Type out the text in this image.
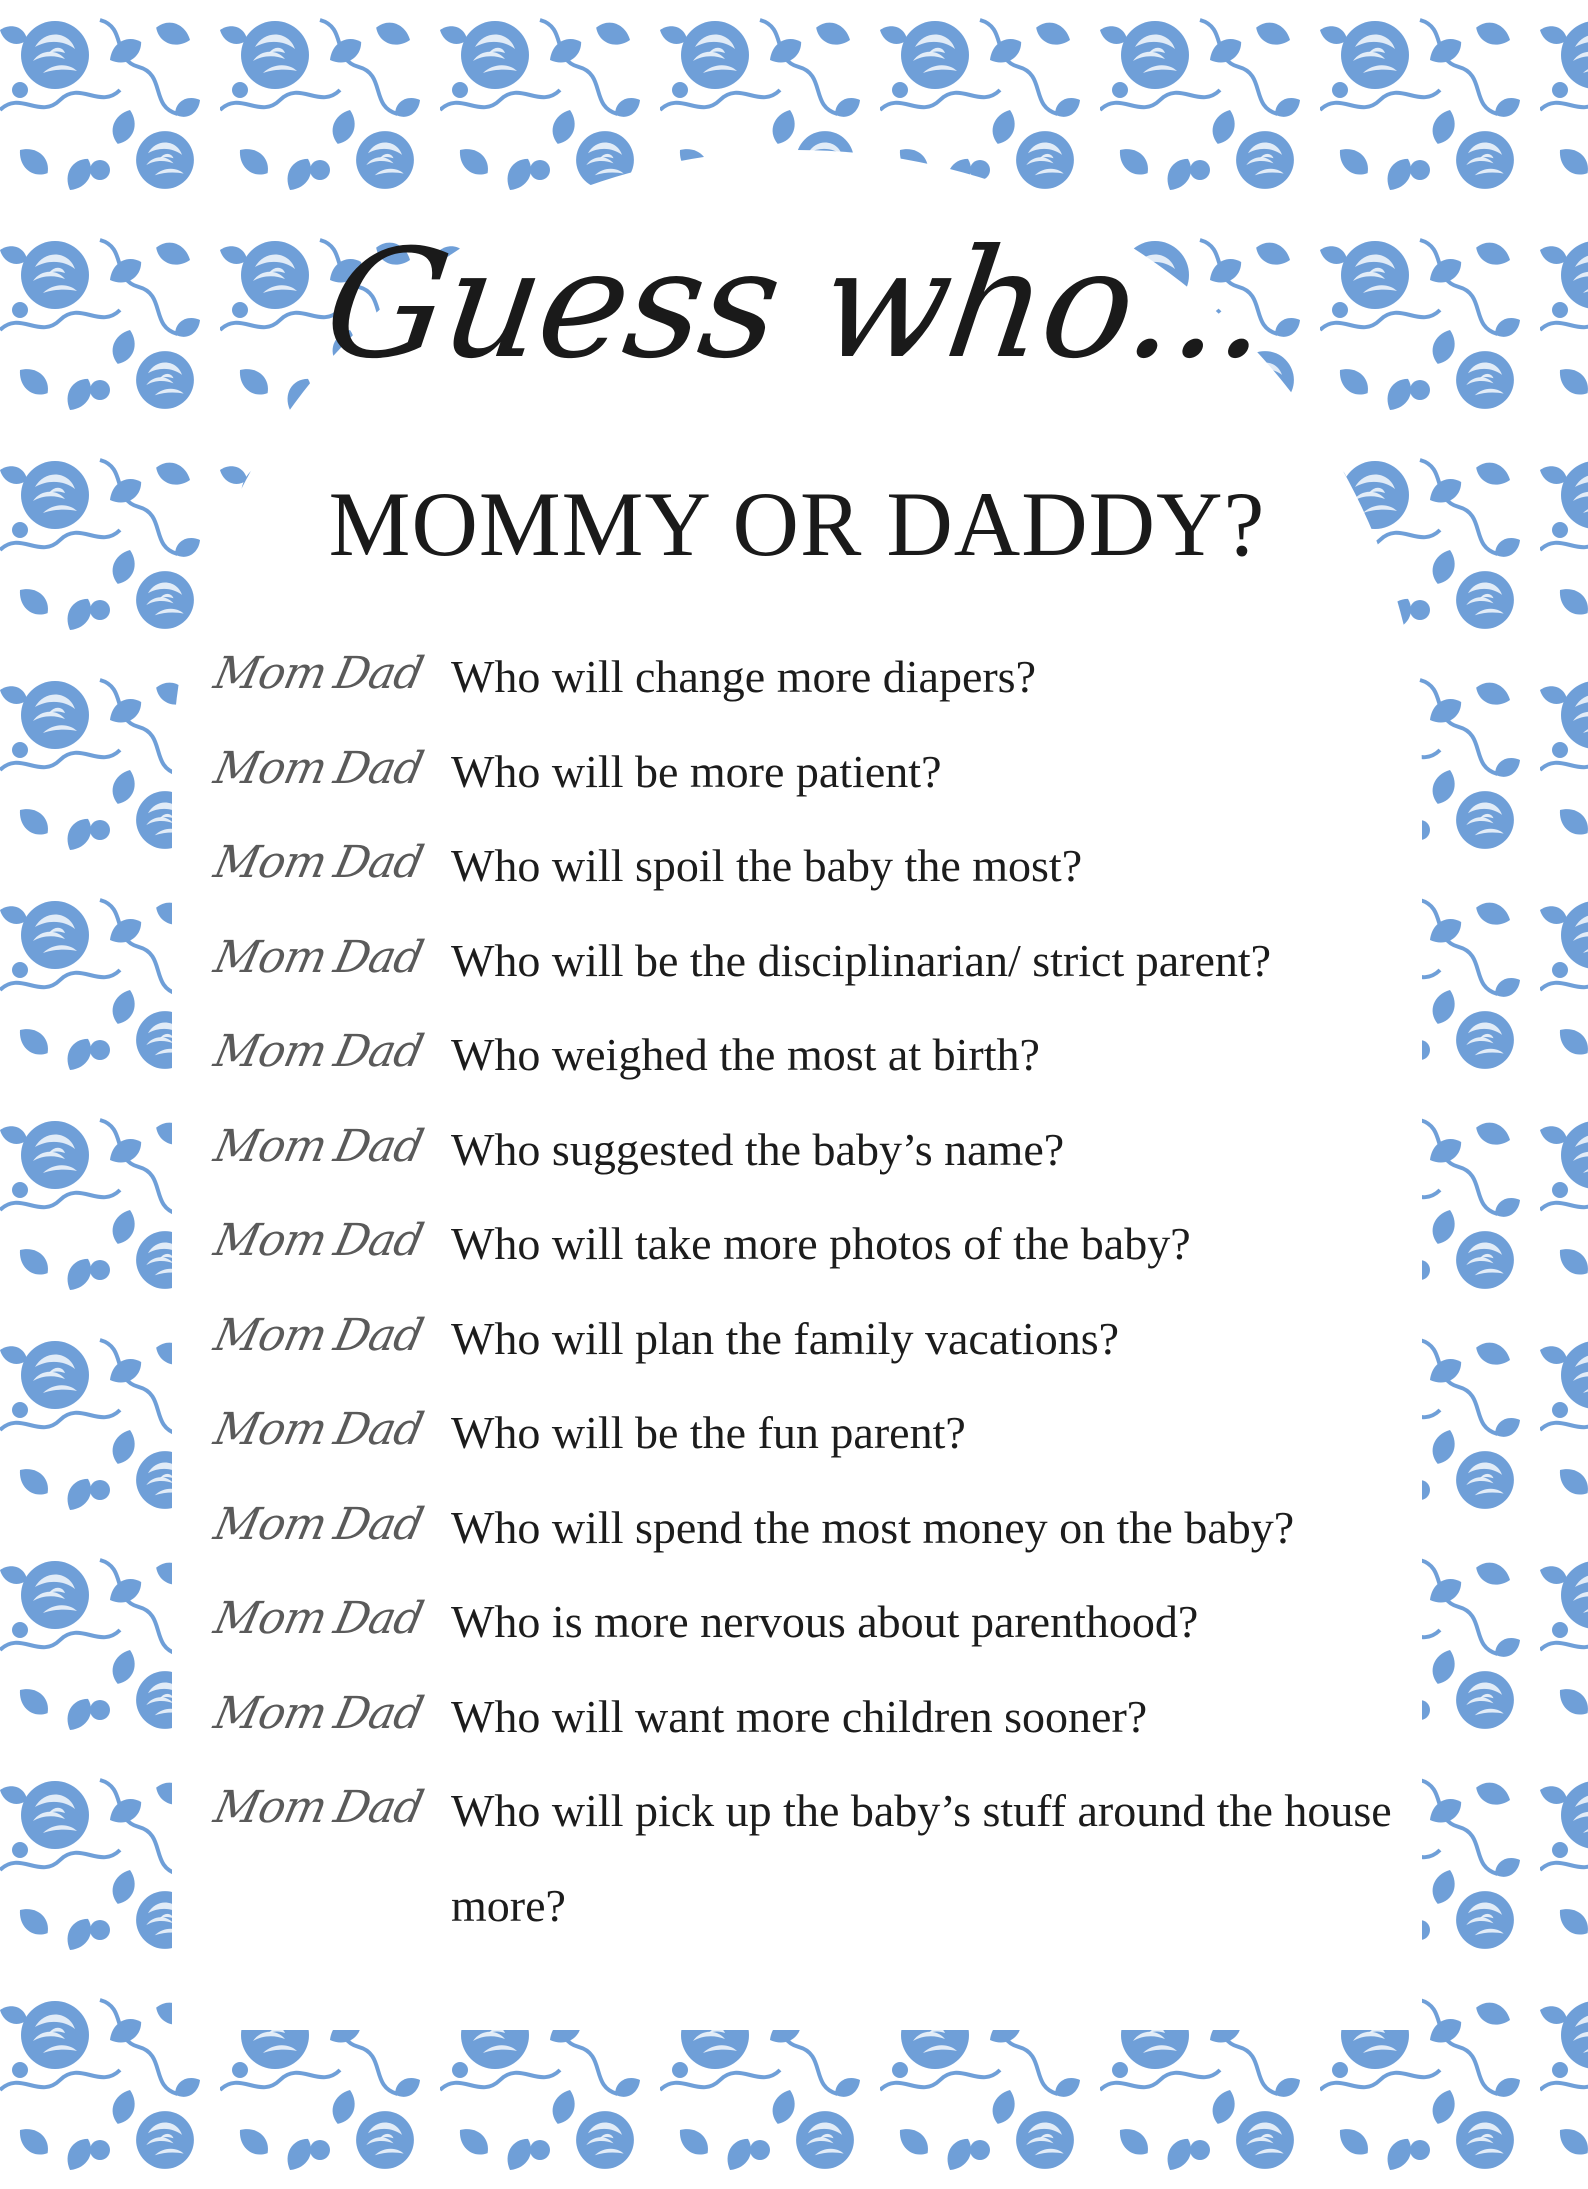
Guess who...
MOMMY OR DADDY?
Mom
Dad Who will change more diapers?
Mom
Dad Who will be more patient?
Mom
Dad Who will spoil the baby the most?
Mom
Dad Who will be the disciplinarian/ strict parent?
Mom
Dad Who weighed the most at birth?
Mom
Dad Who suggested the baby’s name?
Mom
Dad Who will take more photos of the baby?
Mom
Dad Who will plan the family vacations?
Mom
Dad Who will be the fun parent?
Mom
Dad Who will spend the most money on the baby?
Mom
Dad Who is more nervous about parenthood?
Mom
Dad Who will want more children sooner?
Mom
Dad Who will pick up the baby’s stuff around the house more?
